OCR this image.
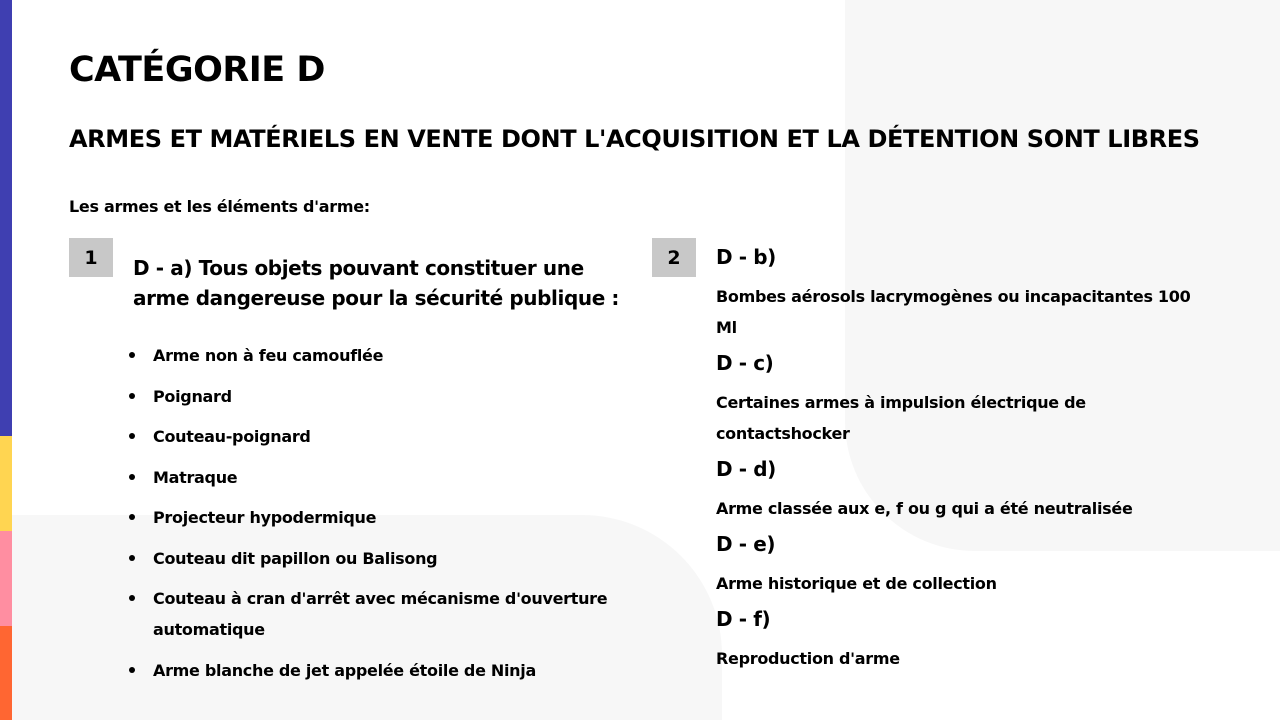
CATÉGORIE D
ARMES ET MATÉRIELS EN VENTE DONT L'ACQUISITION ET LA DÉTENTION SONT LIBRES

Les armes et les éléments d'arme:

1	D - a) Tous objets pouvant constituer une arme dangereuse pour la sécurité publique :
Arme non à feu camouflée
Poignard
Couteau-poignard
Matraque
Projecteur hypodermique
Couteau dit papillon ou Balisong
Couteau à cran d'arrêt avec mécanisme d'ouverture automatique
Arme blanche de jet appelée étoile de Ninja
2	D - b)

Bombes aérosols lacrymogènes ou incapacitantes 100 Ml

D - c)

Certaines armes à impulsion électrique de contactshocker

D - d)

Arme classée aux e, f ou g qui a été neutralisée

D - e)

Arme historique et de collection

D - f)

Reproduction d'arme
